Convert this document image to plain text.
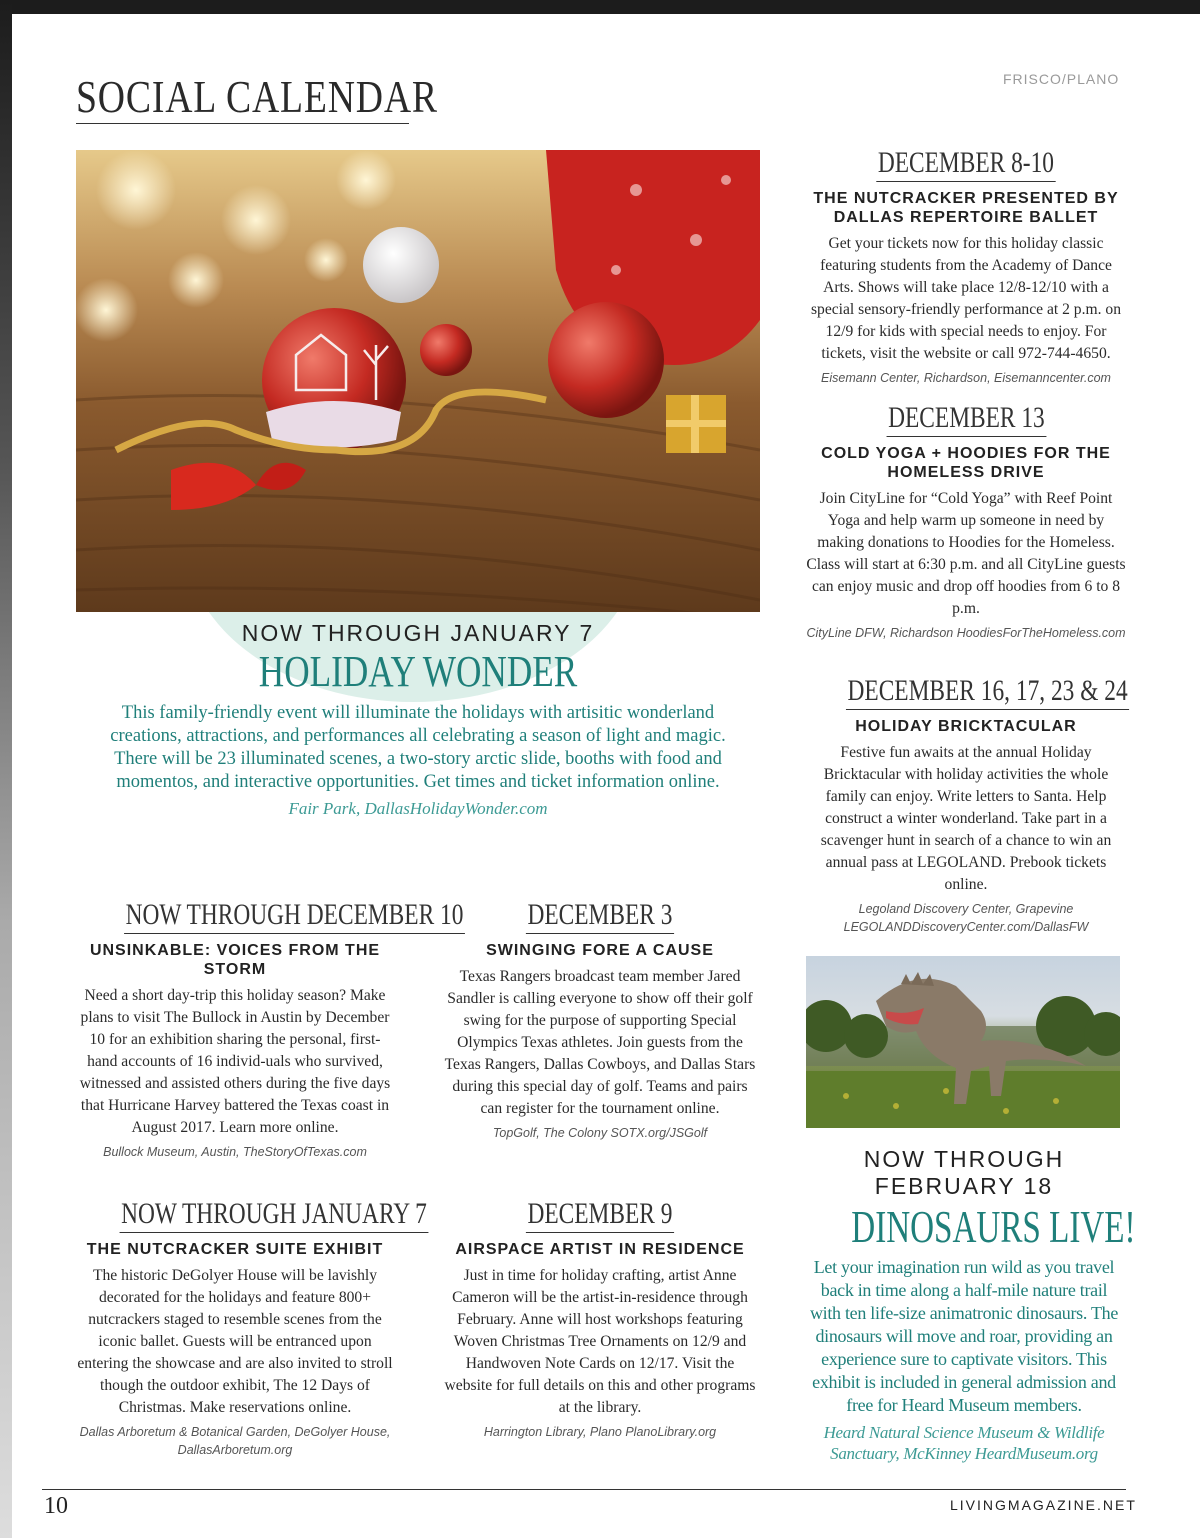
SOCIAL CALENDAR	FRISCO/PLANO
NOW THROUGH JANUARY 7
HOLIDAY WONDER
This family-friendly event will illuminate the holidays with artisitic wonderland creations, attractions, and performances all celebrating a season of light and magic. There will be 23 illuminated scenes, a two-story arctic slide, booths with food and momentos, and interactive opportunities. Get times and ticket information online.
Fair Park, DallasHolidayWonder.com
DECEMBER 8-10
THE NUTCRACKER PRESENTED BY DALLAS REPERTOIRE BALLET
Get your tickets now for this holiday classic featuring students from the Academy of Dance Arts. Shows will take place 12/8-12/10 with a special sensory-friendly performance at 2 p.m. on 12/9 for kids with special needs to enjoy. For tickets, visit the website or call 972-744-4650.
Eisemann Center, Richardson, Eisemanncenter.com
DECEMBER 13
COLD YOGA + HOODIES FOR THE HOMELESS DRIVE
Join CityLine for “Cold Yoga” with Reef Point Yoga and help warm up someone in need by making donations to Hoodies for the Homeless. Class will start at 6:30 p.m. and all CityLine guests can enjoy music and drop off hoodies from 6 to 8 p.m.
CityLine DFW, Richardson HoodiesForTheHomeless.com
DECEMBER 16, 17, 23 & 24
HOLIDAY BRICKTACULAR
Festive fun awaits at the annual Holiday Bricktacular with holiday activities the whole family can enjoy. Write letters to Santa. Help construct a winter wonderland. Take part in a scavenger hunt in search of a chance to win an annual pass at LEGOLAND. Prebook tickets online.
Legoland Discovery Center, Grapevine LEGOLANDDiscoveryCenter.com/DallasFW
NOW THROUGH DECEMBER 10
UNSINKABLE: VOICES FROM THE STORM
Need a short day-trip this holiday season? Make plans to visit The Bullock in Austin by December 10 for an exhibition sharing the personal, first-hand accounts of 16 individ-uals who survived, witnessed and assisted others during the five days that Hurricane Harvey battered the Texas coast in August 2017. Learn more online.
Bullock Museum, Austin, TheStoryOfTexas.com
DECEMBER 3
SWINGING FORE A CAUSE
Texas Rangers broadcast team member Jared Sandler is calling everyone to show off their golf swing for the purpose of supporting Special Olympics Texas athletes. Join guests from the Texas Rangers, Dallas Cowboys, and Dallas Stars during this special day of golf. Teams and pairs can register for the tournament online.
TopGolf, The Colony SOTX.org/JSGolf
NOW THROUGH JANUARY 7
THE NUTCRACKER SUITE EXHIBIT
The historic DeGolyer House will be lavishly decorated for the holidays and feature 800+ nutcrackers staged to resemble scenes from the iconic ballet. Guests will be entranced upon entering the showcase and are also invited to stroll though the outdoor exhibit, The 12 Days of Christmas. Make reservations online.
Dallas Arboretum & Botanical Garden, DeGolyer House, DallasArboretum.org
DECEMBER 9
AIRSPACE ARTIST IN RESIDENCE
Just in time for holiday crafting, artist Anne Cameron will be the artist-in-residence through February. Anne will host workshops featuring Woven Christmas Tree Ornaments on 12/9 and Handwoven Note Cards on 12/17. Visit the website for full details on this and other programs at the library.
Harrington Library, Plano PlanoLibrary.org
NOW THROUGH
FEBRUARY 18
DINOSAURS LIVE!
Let your imagination run wild as you travel back in time along a half-mile nature trail with ten life-size animatronic dinosaurs. The dinosaurs will move and roar, providing an experience sure to captivate visitors. This exhibit is included in general admission and free for Heard Museum members.
Heard Natural Science Museum & Wildlife Sanctuary, McKinney HeardMuseum.org
10	LIVINGMAGAZINE.NET
